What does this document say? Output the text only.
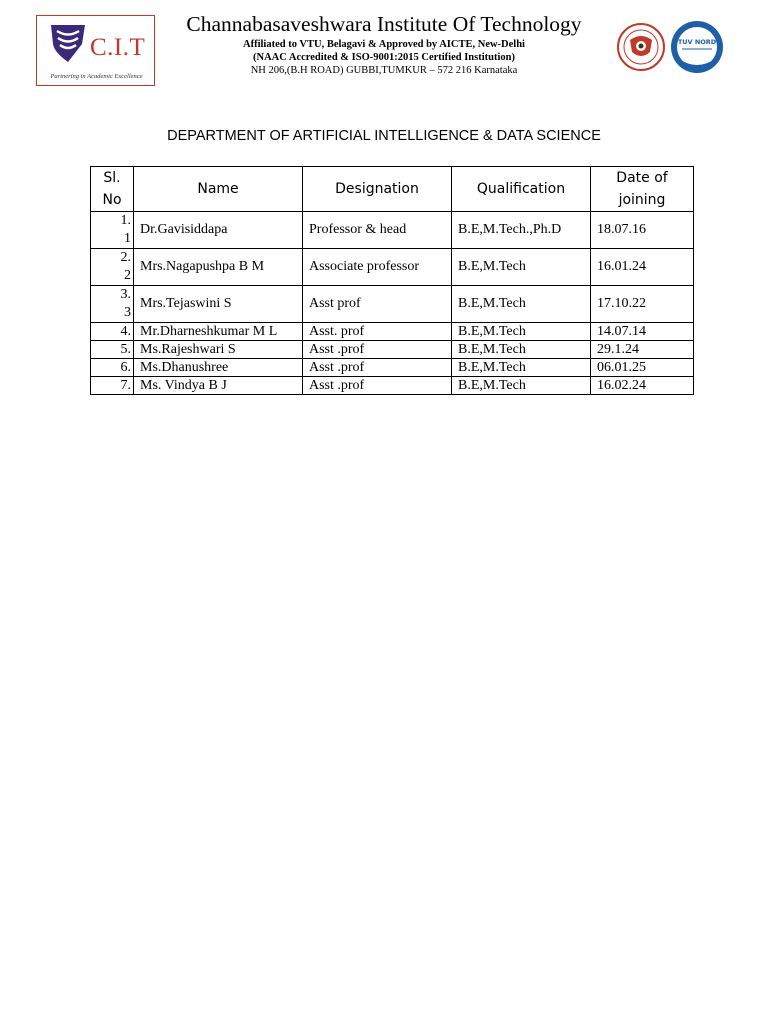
C.I.T
Partnering in Academic Excellence
Channabasaveshwara Institute Of Technology
Affiliated to VTU, Belagavi & Approved by AICTE, New-Delhi
(NAAC Accredited & ISO-9001:2015 Certified Institution)
NH 206,(B.H ROAD) GUBBI,TUMKUR – 572 216 Karnataka
TUV NORD
DEPARTMENT OF ARTIFICIAL INTELLIGENCE & DATA SCIENCE
Sl. No	Name	Designation	Qualification	Date of joining
1.1	Dr.Gavisiddapa	Professor & head	B.E,M.Tech.,Ph.D	18.07.16
2.2	Mrs.Nagapushpa B M	Associate professor	B.E,M.Tech	16.01.24
3.3	Mrs.Tejaswini S	Asst prof	B.E,M.Tech	17.10.22
4.	Mr.Dharneshkumar M L	Asst. prof	B.E,M.Tech	14.07.14
5.	Ms.Rajeshwari S	Asst .prof	B.E,M.Tech	29.1.24
6.	Ms.Dhanushree	Asst .prof	B.E,M.Tech	06.01.25
7.	Ms. Vindya B J	Asst .prof	B.E,M.Tech	16.02.24
